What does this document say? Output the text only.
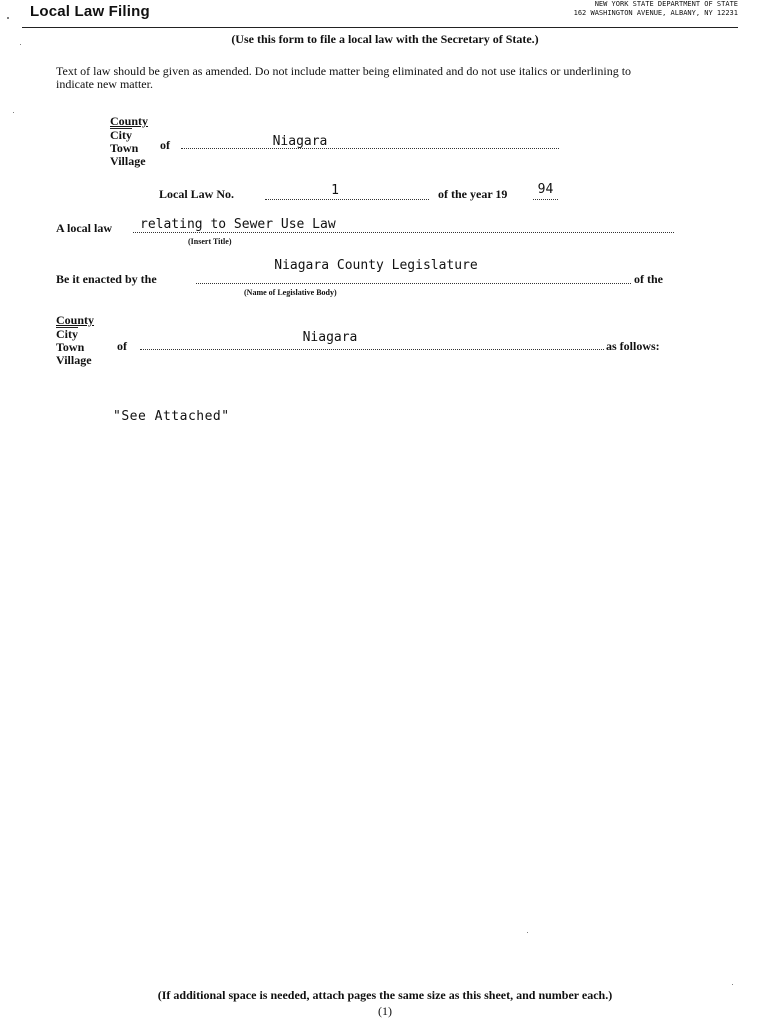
Local Law Filing	NEW YORK STATE DEPARTMENT OF STATE
162 WASHINGTON AVENUE, ALBANY, NY 12231
(Use this form to file a local law with the Secretary of State.)
Text of law should be given as amended. Do not include matter being eliminated and do not use italics or underlining to indicate new matter.
County
City
Town
Village
of	Niagara
Local Law No.	1	of the year 19	94
A local law relating to Sewer Use Law
(Insert Title)
Be it enacted by the
Niagara County Legislature
of the
(Name of Legislative Body)
County
City
Town
Village
of
Niagara
as follows:
"See Attached"
(If additional space is needed, attach pages the same size as this sheet, and number each.)
(1)
